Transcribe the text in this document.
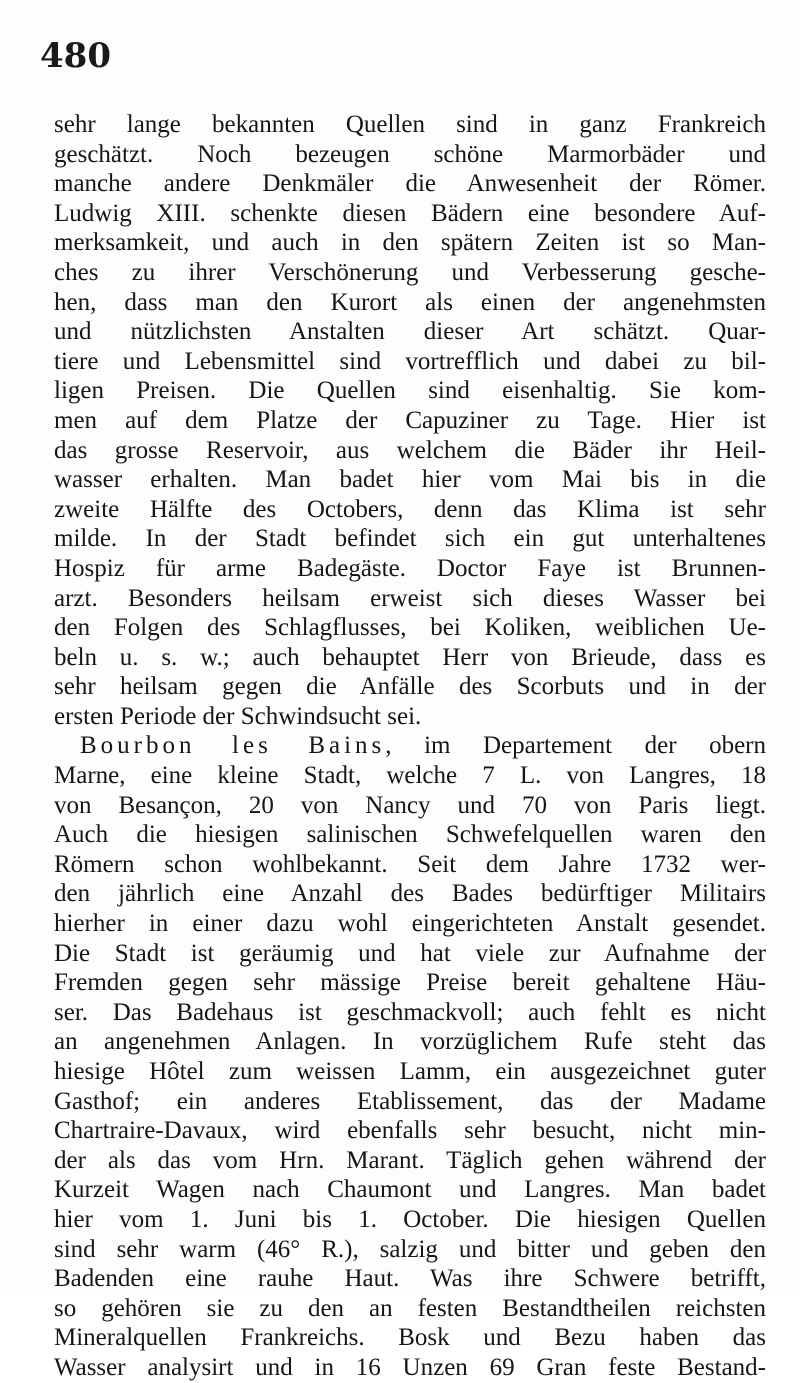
480
sehr lange bekannten Quellen sind in ganz Frankreich
geschätzt. Noch bezeugen schöne Marmorbäder und
manche andere Denkmäler die Anwesenheit der Römer.
Ludwig XIII. schenkte diesen Bädern eine besondere Auf-
merksamkeit, und auch in den spätern Zeiten ist so Man-
ches zu ihrer Verschönerung und Verbesserung gesche-
hen, dass man den Kurort als einen der angenehmsten
und nützlichsten Anstalten dieser Art schätzt. Quar-
tiere und Lebensmittel sind vortrefflich und dabei zu bil-
ligen Preisen. Die Quellen sind eisenhaltig. Sie kom-
men auf dem Platze der Capuziner zu Tage. Hier ist
das grosse Reservoir, aus welchem die Bäder ihr Heil-
wasser erhalten. Man badet hier vom Mai bis in die
zweite Hälfte des Octobers, denn das Klima ist sehr
milde. In der Stadt befindet sich ein gut unterhaltenes
Hospiz für arme Badegäste. Doctor Faye ist Brunnen-
arzt. Besonders heilsam erweist sich dieses Wasser bei
den Folgen des Schlagflusses, bei Koliken, weiblichen Ue-
beln u. s. w.; auch behauptet Herr von Brieude, dass es
sehr heilsam gegen die Anfälle des Scorbuts und in der
ersten Periode der Schwindsucht sei.
Bourbon les Bains, im Departement der obern
Marne, eine kleine Stadt, welche 7 L. von Langres, 18
von Besançon, 20 von Nancy und 70 von Paris liegt.
Auch die hiesigen salinischen Schwefelquellen waren den
Römern schon wohlbekannt. Seit dem Jahre 1732 wer-
den jährlich eine Anzahl des Bades bedürftiger Militairs
hierher in einer dazu wohl eingerichteten Anstalt gesendet.
Die Stadt ist geräumig und hat viele zur Aufnahme der
Fremden gegen sehr mässige Preise bereit gehaltene Häu-
ser. Das Badehaus ist geschmackvoll; auch fehlt es nicht
an angenehmen Anlagen. In vorzüglichem Rufe steht das
hiesige Hôtel zum weissen Lamm, ein ausgezeichnet guter
Gasthof; ein anderes Etablissement, das der Madame
Chartraire-Davaux, wird ebenfalls sehr besucht, nicht min-
der als das vom Hrn. Marant. Täglich gehen während der
Kurzeit Wagen nach Chaumont und Langres. Man badet
hier vom 1. Juni bis 1. October. Die hiesigen Quellen
sind sehr warm (46° R.), salzig und bitter und geben den
Badenden eine rauhe Haut. Was ihre Schwere betrifft,
so gehören sie zu den an festen Bestandtheilen reichsten
Mineralquellen Frankreichs. Bosk und Bezu haben das
Wasser analysirt und in 16 Unzen 69 Gran feste Bestand-
